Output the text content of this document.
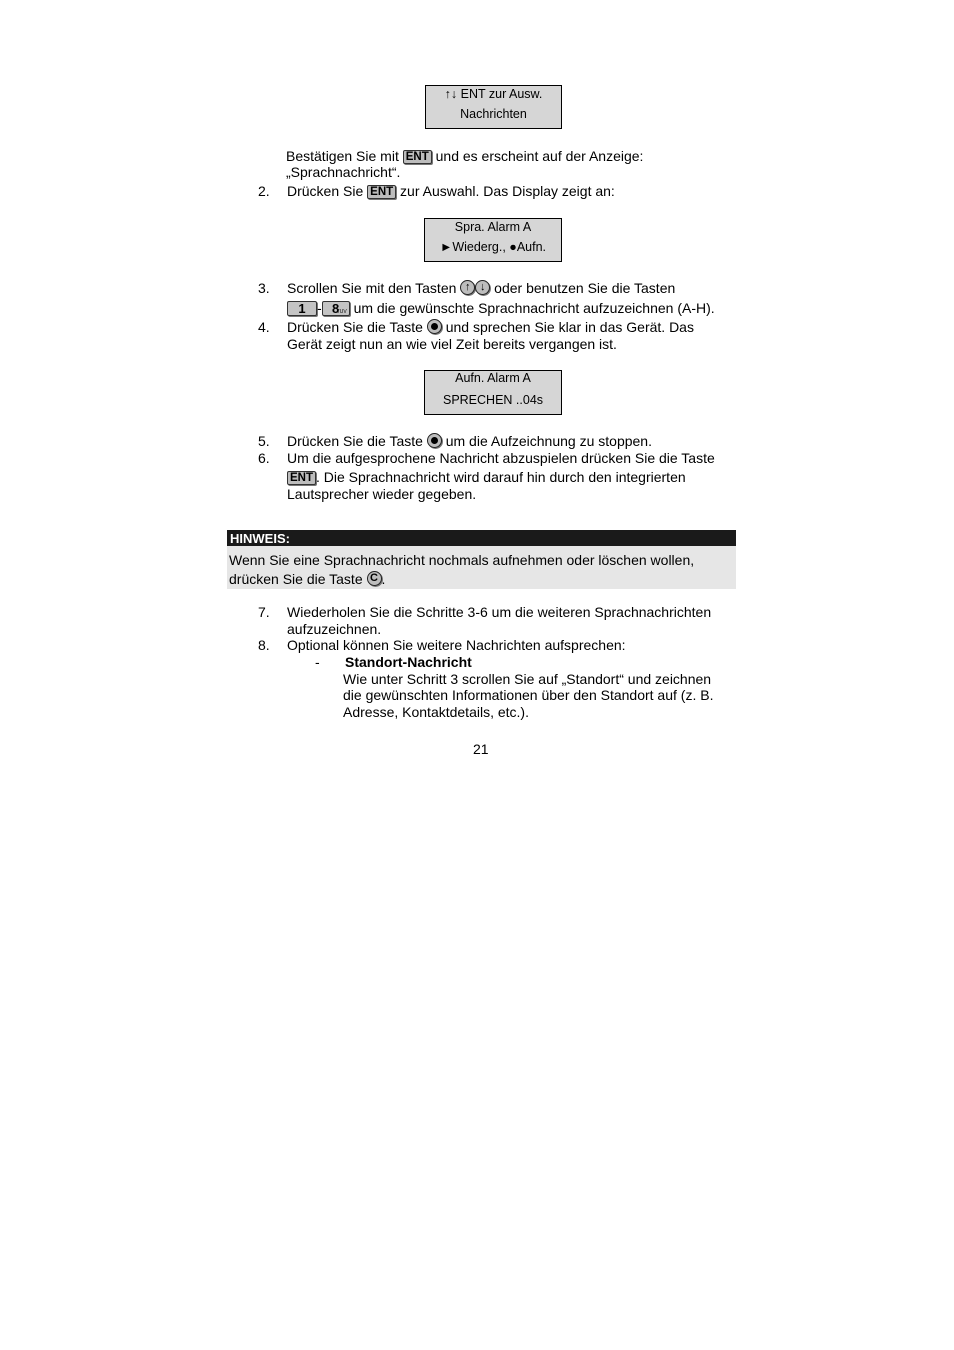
↑↓ ENT zur Ausw.
Nachrichten
Bestätigen Sie mit ENT und es erscheint auf der Anzeige:
„Sprachnachricht“.
2. Drücken Sie ENT zur Auswahl. Das Display zeigt an:
Spra. Alarm A
►Wiederg., ●Aufn.
3. Scrollen Sie mit den Tasten ↑ ↓ oder benutzen Sie die Tasten
1 - 8
TUV um die gewünschte Sprachnachricht aufzuzeichnen (A-H).
4. Drücken Sie die Taste und sprechen Sie klar in das Gerät. Das
Gerät zeigt nun an wie viel Zeit bereits vergangen ist.
Aufn. Alarm A
SPRECHEN ..04s
5. Drücken Sie die Taste um die Aufzeichnung zu stoppen.
6. Um die aufgesprochene Nachricht abzuspielen drücken Sie die Taste
ENT . Die Sprachnachricht wird darauf hin durch den integrierten
Lautsprecher wieder gegeben.
HINWEIS:
Wenn Sie eine Sprachnachricht nochmals aufnehmen oder löschen wollen,
drücken Sie die Taste C .
7. Wiederholen Sie die Schritte 3-6 um die weiteren Sprachnachrichten
aufzuzeichnen.
8. Optional können Sie weitere Nachrichten aufsprechen:
- Standort-Nachricht
Wie unter Schritt 3 scrollen Sie auf „Standort“ und zeichnen
die gewünschten Informationen über den Standort auf (z. B.
Adresse, Kontaktdetails, etc.).
21
